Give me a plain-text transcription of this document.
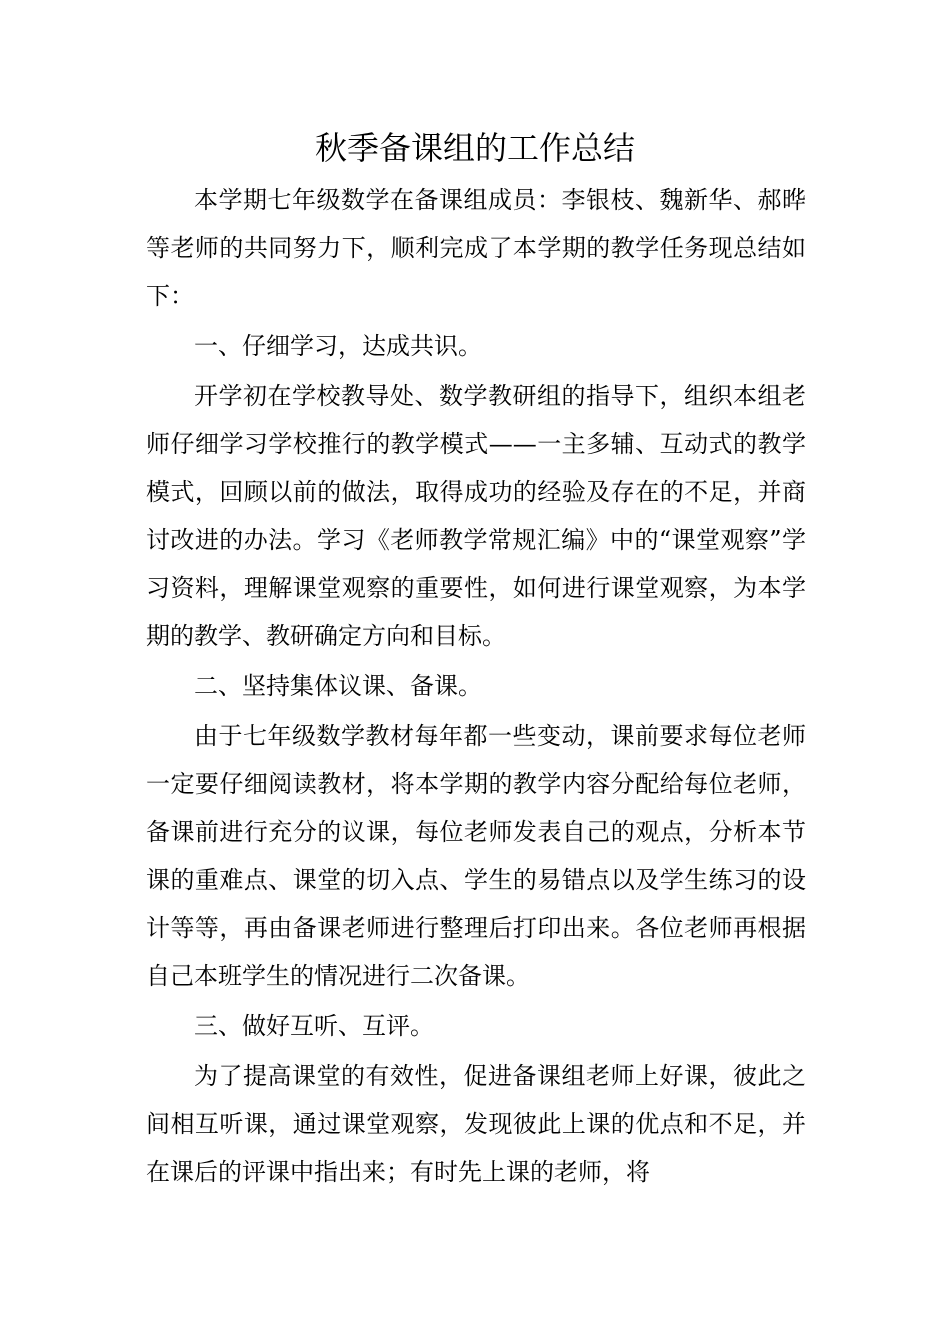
秋季备课组的工作总结

本学期七年级数学在备课组成员：李银枝、魏新华、郝晔等老师的共同努力下，顺利完成了本学期的教学任务现总结如下：

一、仔细学习，达成共识。

开学初在学校教导处、数学教研组的指导下，组织本组老师仔细学习学校推行的教学模式——一主多辅、互动式的教学模式，回顾以前的做法，取得成功的经验及存在的不足，并商讨改进的办法。学习《老师教学常规汇编》中的“课堂观察”学习资料，理解课堂观察的重要性，如何进行课堂观察，为本学期的教学、教研确定方向和目标。

二、坚持集体议课、备课。

由于七年级数学教材每年都一些变动，课前要求每位老师一定要仔细阅读教材，将本学期的教学内容分配给每位老师，备课前进行充分的议课，每位老师发表自己的观点，分析本节课的重难点、课堂的切入点、学生的易错点以及学生练习的设计等等，再由备课老师进行整理后打印出来。各位老师再根据自己本班学生的情况进行二次备课。

三、做好互听、互评。

为了提高课堂的有效性，促进备课组老师上好课，彼此之间相互听课，通过课堂观察，发现彼此上课的优点和不足，并在课后的评课中指出来；有时先上课的老师，将
